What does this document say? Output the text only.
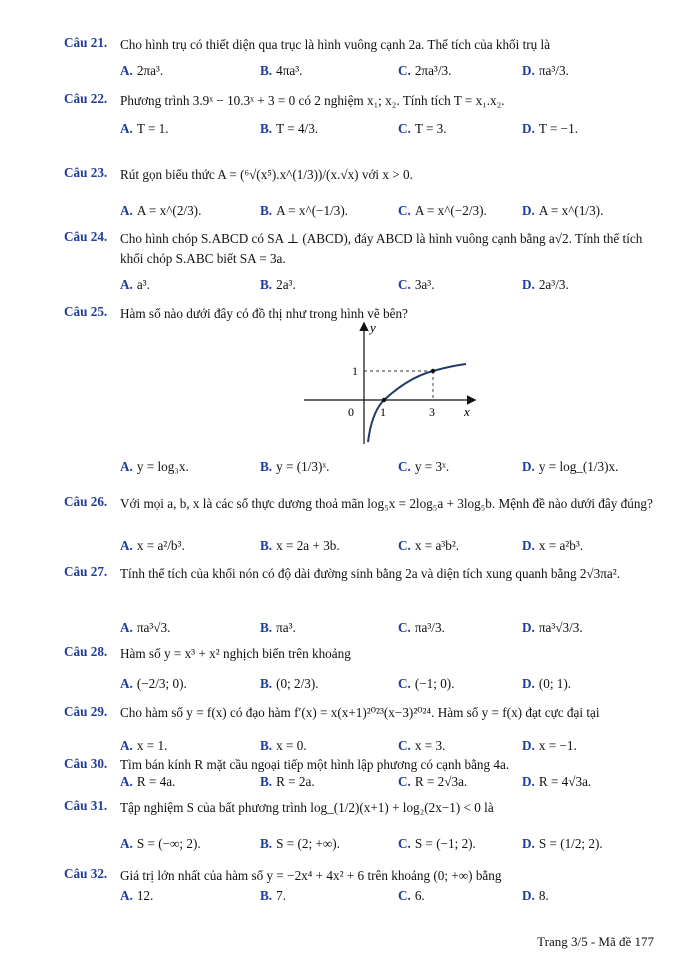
Câu 21. Cho hình trụ có thiết diện qua trục là hình vuông cạnh 2a. Thể tích của khối trụ là
A. 2πa³.	B. 4πa³.	C. 2πa³/3.	D. πa³/3.
Câu 22. Phương trình 3.9ˣ − 10.3ˣ + 3 = 0 có 2 nghiệm x₁; x₂. Tính tích T = x₁.x₂.
A. T = 1.	B. T = 4/3.	C. T = 3.	D. T = −1.
Câu 23. Rút gọn biểu thức A = (⁶√(x⁵).x^(1/3))/(x.√x) với x > 0.
A. A = x^(2/3).	B. A = x^(−1/3).	C. A = x^(−2/3).	D. A = x^(1/3).
Câu 24. Cho hình chóp S.ABCD có SA ⊥ (ABCD), đáy ABCD là hình vuông cạnh bằng a√2. Tính thể tích khối chóp S.ABC biết SA = 3a.
A. a³.	B. 2a³.	C. 3a³.	D. 2a³/3.
Câu 25. Hàm số nào dưới đây có đồ thị như trong hình vẽ bên?
A. y = log₃x.	B. y = (1/3)ˣ.	C. y = 3ˣ.	D. y = log_(1/3)x.
y
x
0 1	3
1
Câu 26. Với mọi a, b, x là các số thực dương thoả mãn log₅x = 2log₅a + 3log₅b. Mệnh đề nào dưới đây đúng?
A. x = a²/b³.	B. x = 2a + 3b.	C. x = a³b².	D. x = a²b³.
Câu 27. Tính thể tích của khối nón có độ dài đường sinh bằng 2a và diện tích xung quanh bằng 2√3πa².
A. πa³√3.	B. πa³.	C. πa³/3.	D. πa³√3/3.
Câu 28. Hàm số y = x³ + x² nghịch biến trên khoảng
A. (−2/3; 0).	B. (0; 2/3).	C. (−1; 0).	D. (0; 1).
Câu 29. Cho hàm số y = f(x) có đạo hàm f′(x) = x(x+1)²⁰²³(x−3)²⁰²⁴. Hàm số y = f(x) đạt cực đại tại
A. x = 1.	B. x = 0.	C. x = 3.	D. x = −1.
Câu 30. Tìm bán kính R mặt cầu ngoại tiếp một hình lập phương có cạnh bằng 4a.
A. R = 4a.	B. R = 2a.	C. R = 2√3a.	D. R = 4√3a.
Câu 31. Tập nghiệm S của bất phương trình log_(1/2)(x+1) + log₂(2x−1) < 0 là
A. S = (−∞; 2).	B. S = (2; +∞).	C. S = (−1; 2).	D. S = (1/2; 2).
Câu 32. Giá trị lớn nhất của hàm số y = −2x⁴ + 4x² + 6 trên khoảng (0; +∞) bằng
A. 12.	B. 7.	C. 6.	D. 8.
Trang 3/5 - Mã đề 177
